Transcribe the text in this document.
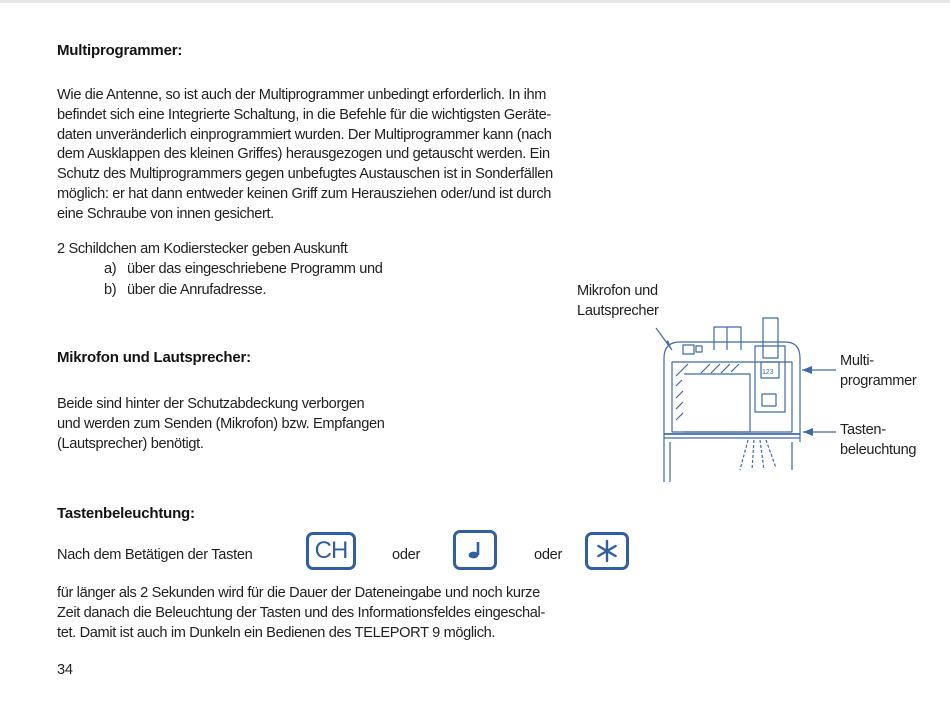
Multiprogrammer:
Wie die Antenne, so ist auch der Multiprogrammer unbedingt erforderlich. In ihm
befindet sich eine Integrierte Schaltung, in die Befehle für die wichtigsten Geräte-
daten unveränderlich einprogrammiert wurden. Der Multiprogrammer kann (nach
dem Ausklappen des kleinen Griffes) herausgezogen und getauscht werden. Ein
Schutz des Multiprogrammers gegen unbefugtes Austauschen ist in Sonderfällen
möglich: er hat dann entweder keinen Griff zum Herausziehen oder/und ist durch
eine Schraube von innen gesichert.
2 Schildchen am Kodierstecker geben Auskunft
a) über das eingeschriebene Programm und
b) über die Anrufadresse.
Mikrofon und Lautsprecher:
Beide sind hinter der Schutzabdeckung verborgen
und werden zum Senden (Mikrofon) bzw. Empfangen
(Lautsprecher) benötigt.
Tastenbeleuchtung:
Nach dem Betätigen der Tasten	CH	oder	oder
für länger als 2 Sekunden wird für die Dauer der Dateneingabe und noch kurze
Zeit danach die Beleuchtung der Tasten und des Informationsfeldes eingeschal-
tet. Damit ist auch im Dunkeln ein Bedienen des TELEPORT 9 möglich.
34
Mikrofon und
Lautsprecher
Multi-
programmer
Tasten-
beleuchtung
123
